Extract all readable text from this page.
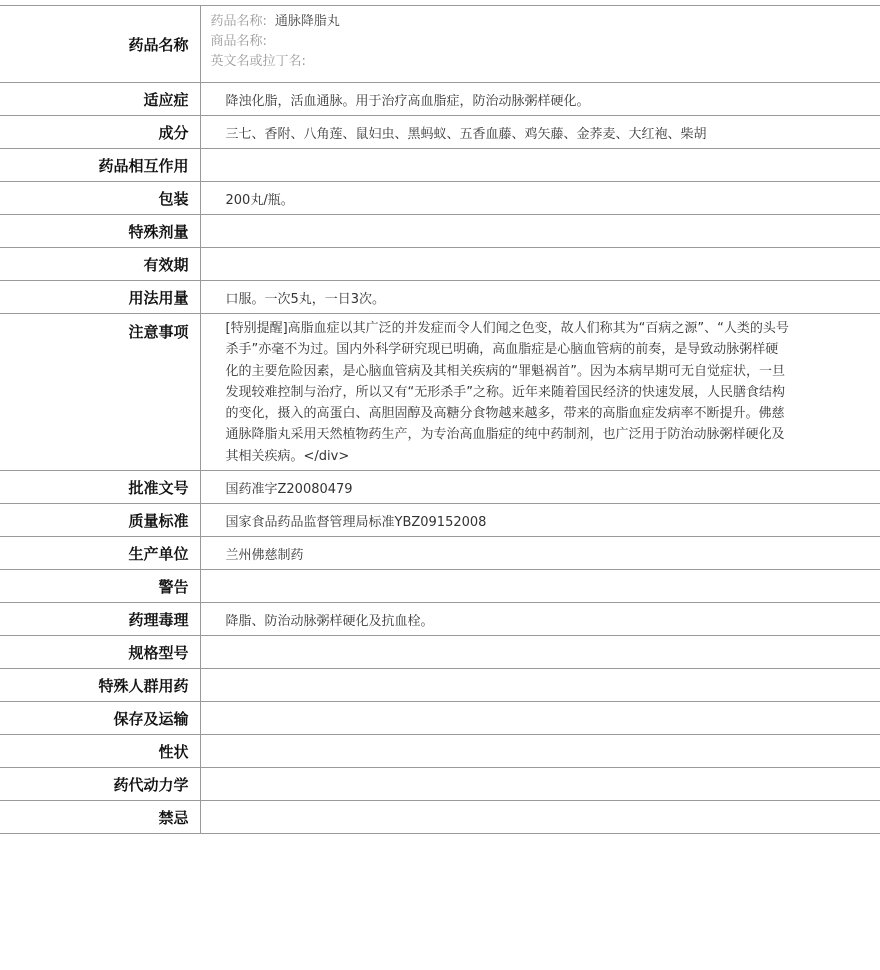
药品名称	药品名称: 通脉降脂丸
商品名称:
英文名或拉丁名:

适应症	降浊化脂，活血通脉。用于治疗高血脂症，防治动脉粥样硬化。
成分	三七、香附、八角莲、鼠妇虫、黑蚂蚁、五香血藤、鸡矢藤、金荞麦、大红袍、柴胡
药品相互作用	
包装	200丸/瓶。
特殊剂量	
有效期	
用法用量	口服。一次5丸，一日3次。
注意事项	[特别提醒]高脂血症以其广泛的并发症而令人们闻之色变，故人们称其为“百病之源”、“人类的头号杀手”亦毫不为过。国内外科学研究现已明确，高血脂症是心脑血管病的前奏，是导致动脉粥样硬化的主要危险因素，是心脑血管病及其相关疾病的“罪魁祸首”。因为本病早期可无自觉症状，一旦发现较难控制与治疗，所以又有“无形杀手”之称。近年来随着国民经济的快速发展，人民膳食结构的变化，摄入的高蛋白、高胆固醇及高糖分食物越来越多，带来的高脂血症发病率不断提升。佛慈通脉降脂丸采用天然植物药生产，为专治高血脂症的纯中药制剂，也广泛用于防治动脉粥样硬化及其相关疾病。</div>
批准文号	国药准字Z20080479
质量标准	国家食品药品监督管理局标准YBZ09152008
生产单位	兰州佛慈制药
警告	
药理毒理	降脂、防治动脉粥样硬化及抗血栓。
规格型号	
特殊人群用药	
保存及运输	
性状	
药代动力学	
禁忌	
